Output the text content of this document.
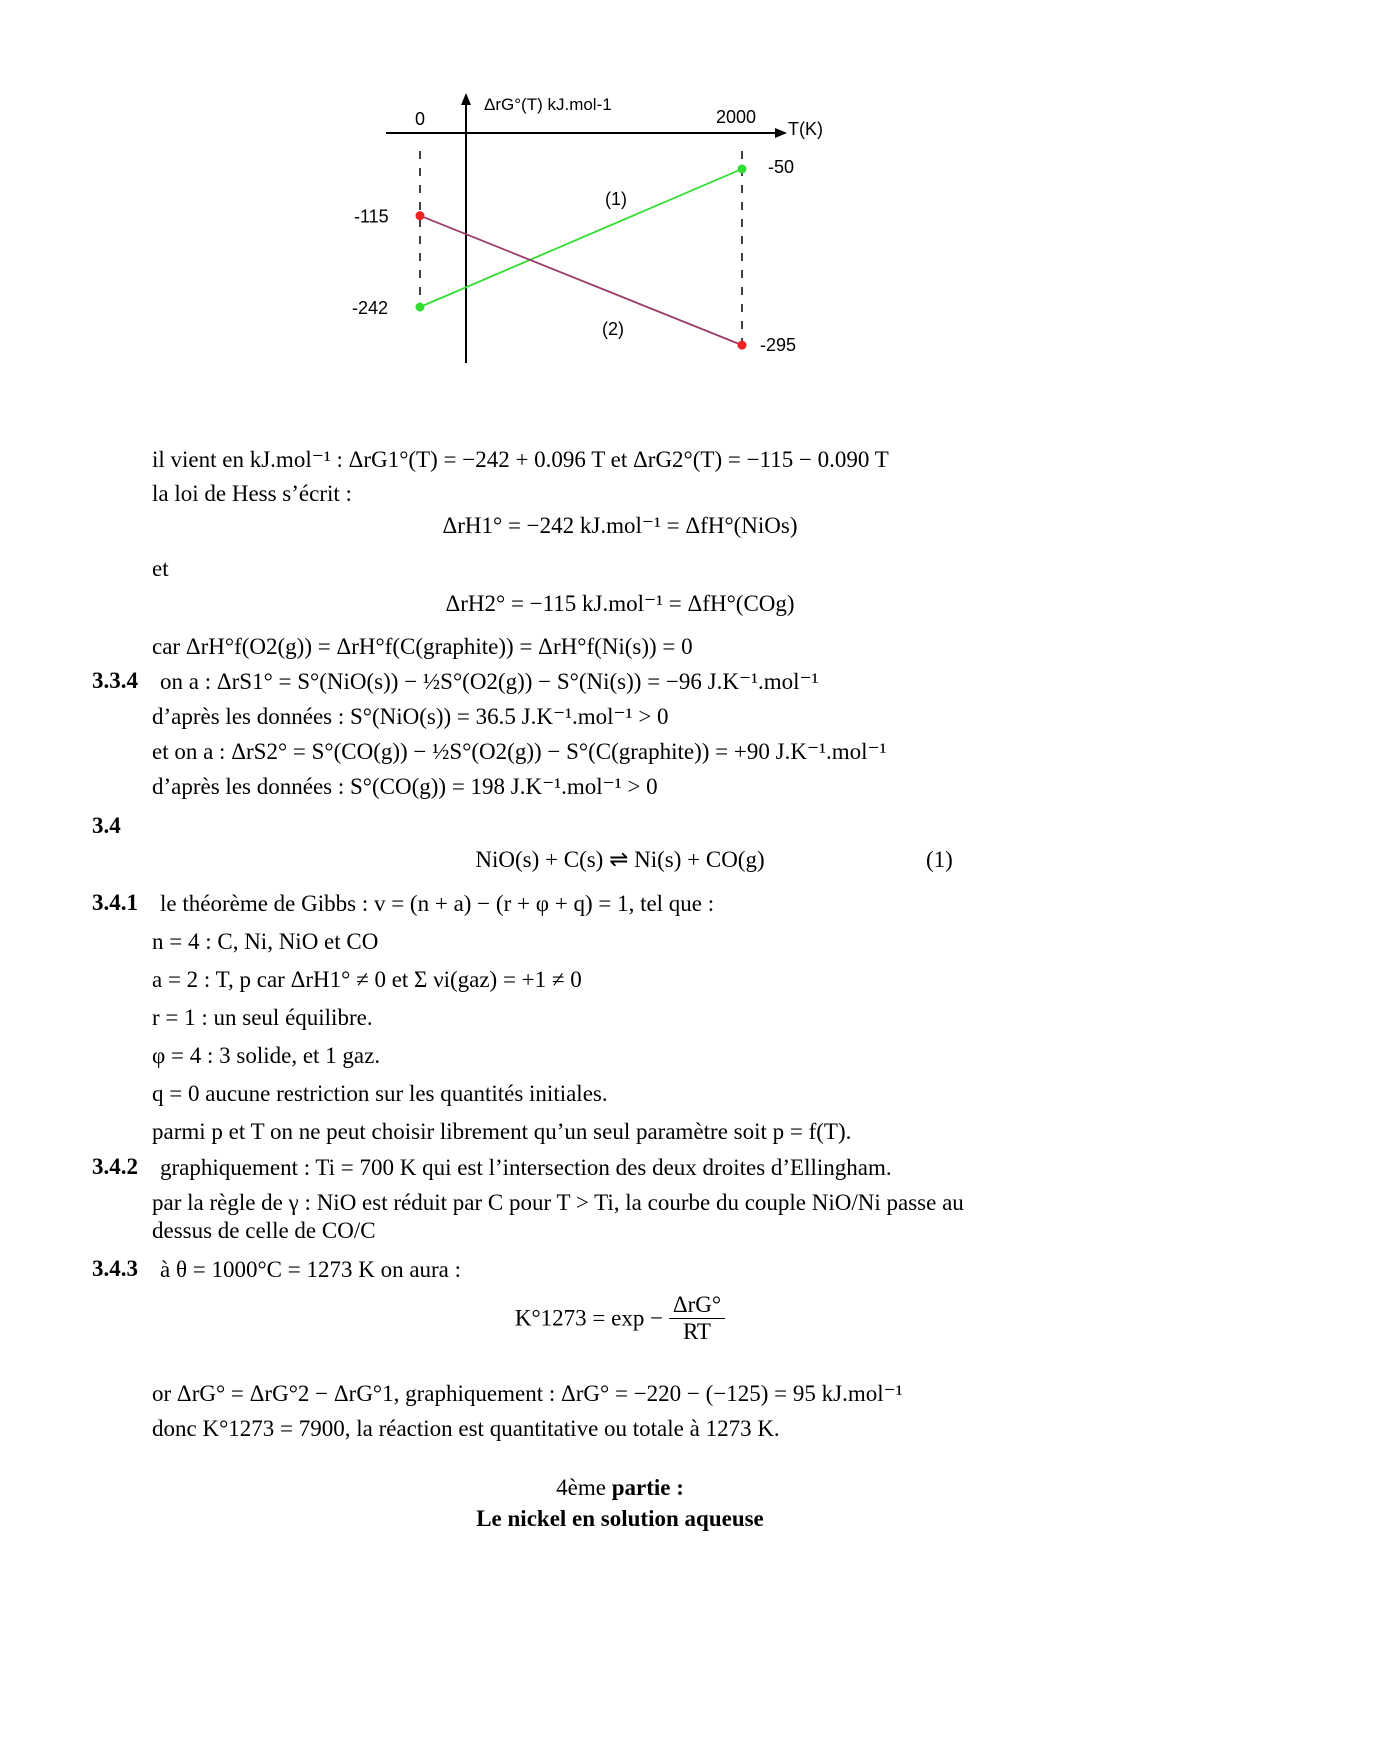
ΔrG°(T) kJ.mol-1
T(K)
0	2000
-115
-242
-50
-295
(1)
(2)
il vient en kJ.mol⁻¹ : ΔrG1°(T) = −242 + 0.096 T et ΔrG2°(T) = −115 − 0.090 T
la loi de Hess s’écrit :
ΔrH1° = −242 kJ.mol⁻¹ = ΔfH°(NiOs)
et
ΔrH2° = −115 kJ.mol⁻¹ = ΔfH°(COg)
car ΔrH°f(O2(g)) = ΔrH°f(C(graphite)) = ΔrH°f(Ni(s)) = 0
3.3.4 on a : ΔrS1° = S°(NiO(s)) − ½S°(O2(g)) − S°(Ni(s)) = −96 J.K⁻¹.mol⁻¹
d’après les données : S°(NiO(s)) = 36.5 J.K⁻¹.mol⁻¹ > 0
et on a : ΔrS2° = S°(CO(g)) − ½S°(O2(g)) − S°(C(graphite)) = +90 J.K⁻¹.mol⁻¹
d’après les données : S°(CO(g)) = 198 J.K⁻¹.mol⁻¹ > 0
3.4
NiO(s) + C(s) ⇌ Ni(s) + CO(g)	(1)
3.4.1 le théorème de Gibbs : v = (n + a) − (r + φ + q) = 1, tel que :
n = 4 : C, Ni, NiO et CO
a = 2 : T, p car ΔrH1° ≠ 0 et Σ νi(gaz) = +1 ≠ 0
r = 1 : un seul équilibre.
φ = 4 : 3 solide, et 1 gaz.
q = 0 aucune restriction sur les quantités initiales.
parmi p et T on ne peut choisir librement qu’un seul paramètre soit p = f(T).
3.4.2 graphiquement : Ti = 700 K qui est l’intersection des deux droites d’Ellingham.
par la règle de γ : NiO est réduit par C pour T > Ti, la courbe du couple NiO/Ni passe au
dessus de celle de CO/C
3.4.3 à θ = 1000°C = 1273 K on aura :
$K^\circ 1273 = \exp - \frac{\text{ΔrG°}}{RT}$
or ΔrG° = ΔrG°2 − ΔrG°1, graphiquement : ΔrG° = −220 − (−125) = 95 kJ.mol⁻¹
donc K°1273 = 7900, la réaction est quantitative ou totale à 1273 K.
4ème partie :
Le nickel en solution aqueuse
